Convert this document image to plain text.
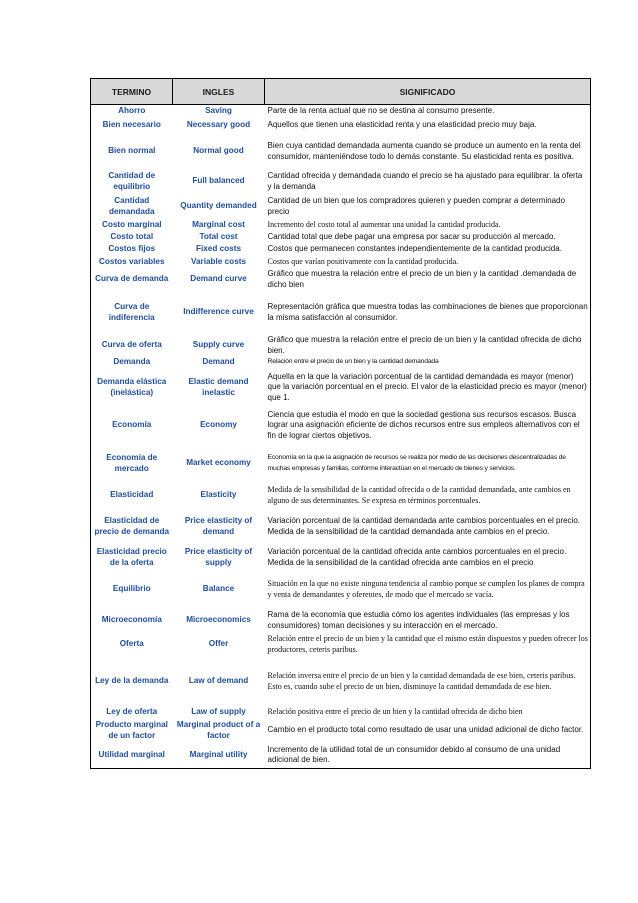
TERMINO	INGLES	SIGNIFICADO
Ahorro	Saving	Parte de la renta actual que no se destina al consumo presente.
Bien necesario	Necessary good	Aquellos que tienen una elasticidad renta y una elasticidad precio muy baja.
Bien normal	Normal good	Bien cuya cantidad demandada aumenta cuando se produce un aumento en la renta del consumidor, manteniéndose todo lo demás constante. Su elasticidad renta es positiva.
Cantidad de equilibrio	Full balanced	Cantidad ofrecida y demandada cuando el precio se ha ajustado para equilibrar. la oferta y la demanda
Cantidad demandada	Quantity demanded	Cantidad de un bien que los compradores quieren y pueden comprar a determinado precio
Costo marginal	Marginal cost	Incremento del costo total al aumentar una unidad la cantidad producida.
Costo total	Total cost	Cantidad total que debe pagar una empresa por sacar su producción al mercado.
Costos fijos	Fixed costs	Costos que permanecen constantes independientemente de la cantidad producida.
Costos variables	Variable costs	Costos que varían positivamente con la cantidad producida.
Curva de demanda	Demand curve	Gráfico que muestra la relación entre el precio de un bien y la cantidad .demandada de dicho bien
Curva de indiferencia	Indifference curve	Representación gráfica que muestra todas las combinaciones de bienes que proporcionan la misma satisfacción al consumidor.
Curva de oferta	Supply curve	Gráfico que muestra la relación entre el precio de un bien y la cantidad ofrecida de dicho bien.
Demanda	Demand	Relación entre el precio de un bien y la cantidad demandada
Demanda elástica (inelástica)	Elastic demand inelastic	Aquella en la que la variación porcentual de la cantidad demandada es mayor (menor) que la variación porcentual en el precio. El valor de la elasticidad precio es mayor (menor) que 1.
Economía	Economy	Ciencia que estudia el modo en que la sociedad gestiona sus recursos escasos. Busca lograr una asignación eficiente de dichos recursos entre sus empleos alternativos con el fin de lograr ciertos objetivos.
Economía de mercado	Market economy	Economía en la que la asignación de recursos se realiza por medio de las decisiones descentralizadas de muchas empresas y familias, conforme interactúan en el mercado de bienes y servicios.
Elasticidad	Elasticity	Medida de la sensibilidad de la cantidad ofrecida o de la cantidad demandada, ante cambios en alguno de sus determinantes. Se expresa en términos porcentuales.
Elasticidad de precio de demanda	Price elasticity of demand	Variación porcentual de la cantidad demandada ante cambios porcentuales en el precio. Medida de la sensibilidad de la cantidad demandada ante cambios en el precio.
Elasticidad precio de la oferta	Price elasticity of supply	Variación porcentual de la cantidad ofrecida ante cambios porcentuales en el precio. Medida de la sensibilidad de la cantidad ofrecida ante cambios en el precio
Equilibrio	Balance	Situación en la que no existe ninguna tendencia al cambio porque se cumplen los planes de compra y venta de demandantes y oferentes, de modo que el mercado se vacía.
Microeconomía	Microeconomics	Rama de la economía que estudia cómo los agentes individuales (las empresas y los consumidores) toman decisiones y su interacción en el mercado.
Oferta	Offer	Relación entre el precio de un bien y la cantidad que el mismo están dispuestos y pueden ofrecer los productores, ceteris paribus.
Ley de la demanda	Law of demand	Relación inversa entre el precio de un bien y la cantidad demandada de ese bien, ceteris paribus. Esto es, cuando sube el precio de un bien, disminuye la cantidad demandada de ese bien.
Ley de oferta	Law of supply	Relación positiva entre el precio de un bien y la cantidad ofrecida de dicho bien
Producto marginal de un factor	Marginal product of a factor	Cambio en el producto total como resultado de usar una unidad adicional de dicho factor.
Utilidad marginal	Marginal utility	Incremento de la utilidad total de un consumidor debido al consumo de una unidad adicional de bien.
